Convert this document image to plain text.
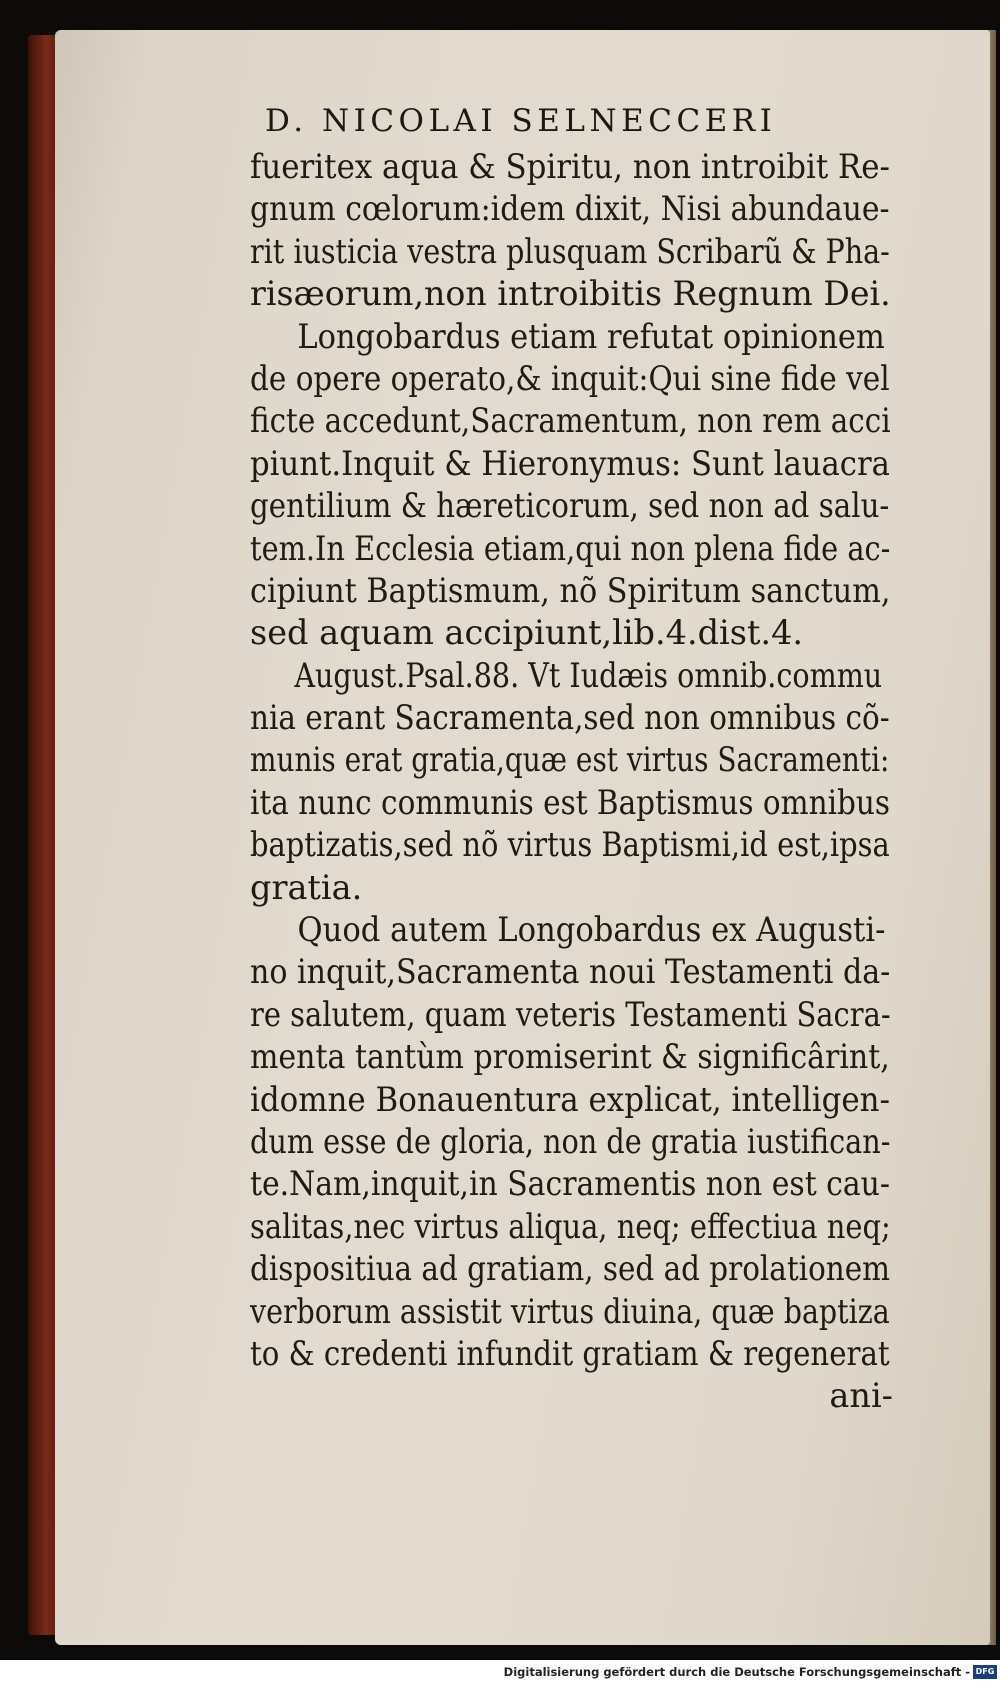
D. NICOLAI SELNECCERI
fueritex aqua & Spiritu, non introibit Re-
gnum cœlorum:idem dixit, Nisi abundaue-
rit iusticia vestra plusquam Scribarũ & Pha-
risæorum,non introibitis Regnum Dei.
Longobardus etiam refutat opinionem
de opere operato,& inquit:Qui sine fide vel
ficte accedunt,Sacramentum, non rem acci
piunt.Inquit & Hieronymus: Sunt lauacra
gentilium & hæreticorum, sed non ad salu-
tem.In Ecclesia etiam,qui non plena fide ac-
cipiunt Baptismum, nõ Spiritum sanctum,
sed aquam accipiunt,lib.4.dist.4.
August.Psal.88. Vt Iudæis omnib.commu
nia erant Sacramenta,sed non omnibus cõ-
munis erat gratia,quæ est virtus Sacramenti:
ita nunc communis est Baptismus omnibus
baptizatis,sed nõ virtus Baptismi,id est,ipsa
gratia.
Quod autem Longobardus ex Augusti-
no inquit,Sacramenta noui Testamenti da-
re salutem, quam veteris Testamenti Sacra-
menta tantùm promiserint & significârint,
idomne Bonauentura explicat, intelligen-
dum esse de gloria, non de gratia iustifican-
te.Nam,inquit,in Sacramentis non est cau-
salitas,nec virtus aliqua, neq; effectiua neq;
dispositiua ad gratiam, sed ad prolationem
verborum assistit virtus diuina, quæ baptiza
to & credenti infundit gratiam & regenerat
ani-
Digitalisierung gefördert durch die Deutsche Forschungsgemeinschaft - DFG
